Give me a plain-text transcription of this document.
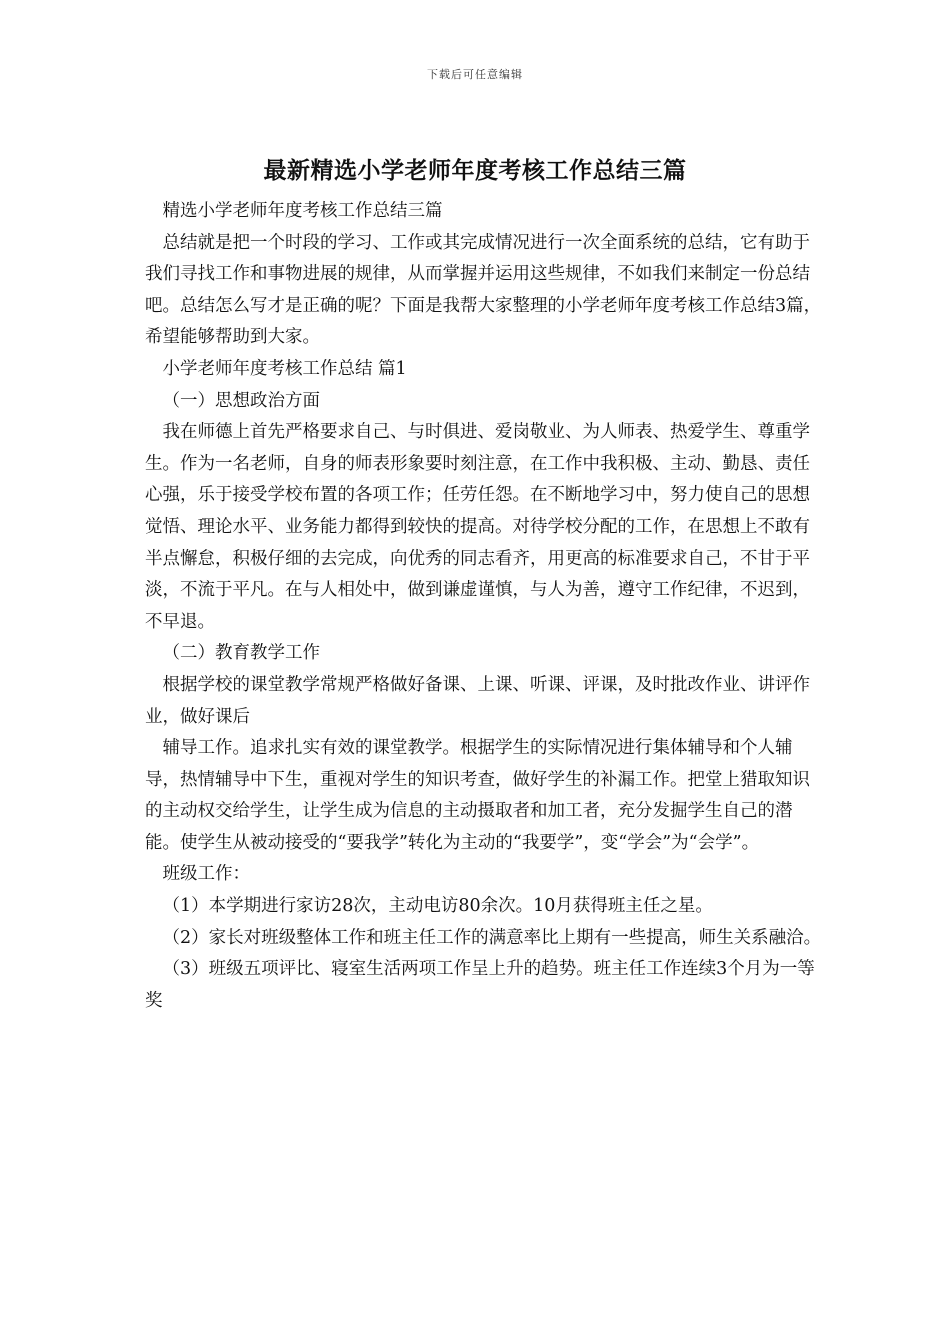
下载后可任意编辑
最新精选小学老师年度考核工作总结三篇

精选小学老师年度考核工作总结三篇

总结就是把一个时段的学习、工作或其完成情况进行一次全面系统的总结，它有助于我们寻找工作和事物进展的规律，从而掌握并运用这些规律，不如我们来制定一份总结吧。总结怎么写才是正确的呢？下面是我帮大家整理的小学老师年度考核工作总结3篇，希望能够帮助到大家。

小学老师年度考核工作总结 篇1

（一）思想政治方面

我在师德上首先严格要求自己、与时俱进、爱岗敬业、为人师表、热爱学生、尊重学生。作为一名老师，自身的师表形象要时刻注意，在工作中我积极、主动、勤恳、责任心强，乐于接受学校布置的各项工作；任劳任怨。在不断地学习中，努力使自己的思想觉悟、理论水平、业务能力都得到较快的提高。对待学校分配的工作，在思想上不敢有半点懈怠，积极仔细的去完成，向优秀的同志看齐，用更高的标准要求自己，不甘于平淡，不流于平凡。在与人相处中，做到谦虚谨慎，与人为善，遵守工作纪律，不迟到，不早退。

（二）教育教学工作

根据学校的课堂教学常规严格做好备课、上课、听课、评课，及时批改作业、讲评作业，做好课后

辅导工作。追求扎实有效的课堂教学。根据学生的实际情况进行集体辅导和个人辅导，热情辅导中下生，重视对学生的知识考查，做好学生的补漏工作。把堂上猎取知识的主动权交给学生，让学生成为信息的主动摄取者和加工者，充分发掘学生自己的潜能。使学生从被动接受的“要我学”转化为主动的“我要学”，变“学会”为“会学”。

班级工作：

（1）本学期进行家访28次，主动电访80余次。10月获得班主任之星。

（2）家长对班级整体工作和班主任工作的满意率比上期有一些提高，师生关系融洽。

（3）班级五项评比、寝室生活两项工作呈上升的趋势。班主任工作连续3个月为一等奖
